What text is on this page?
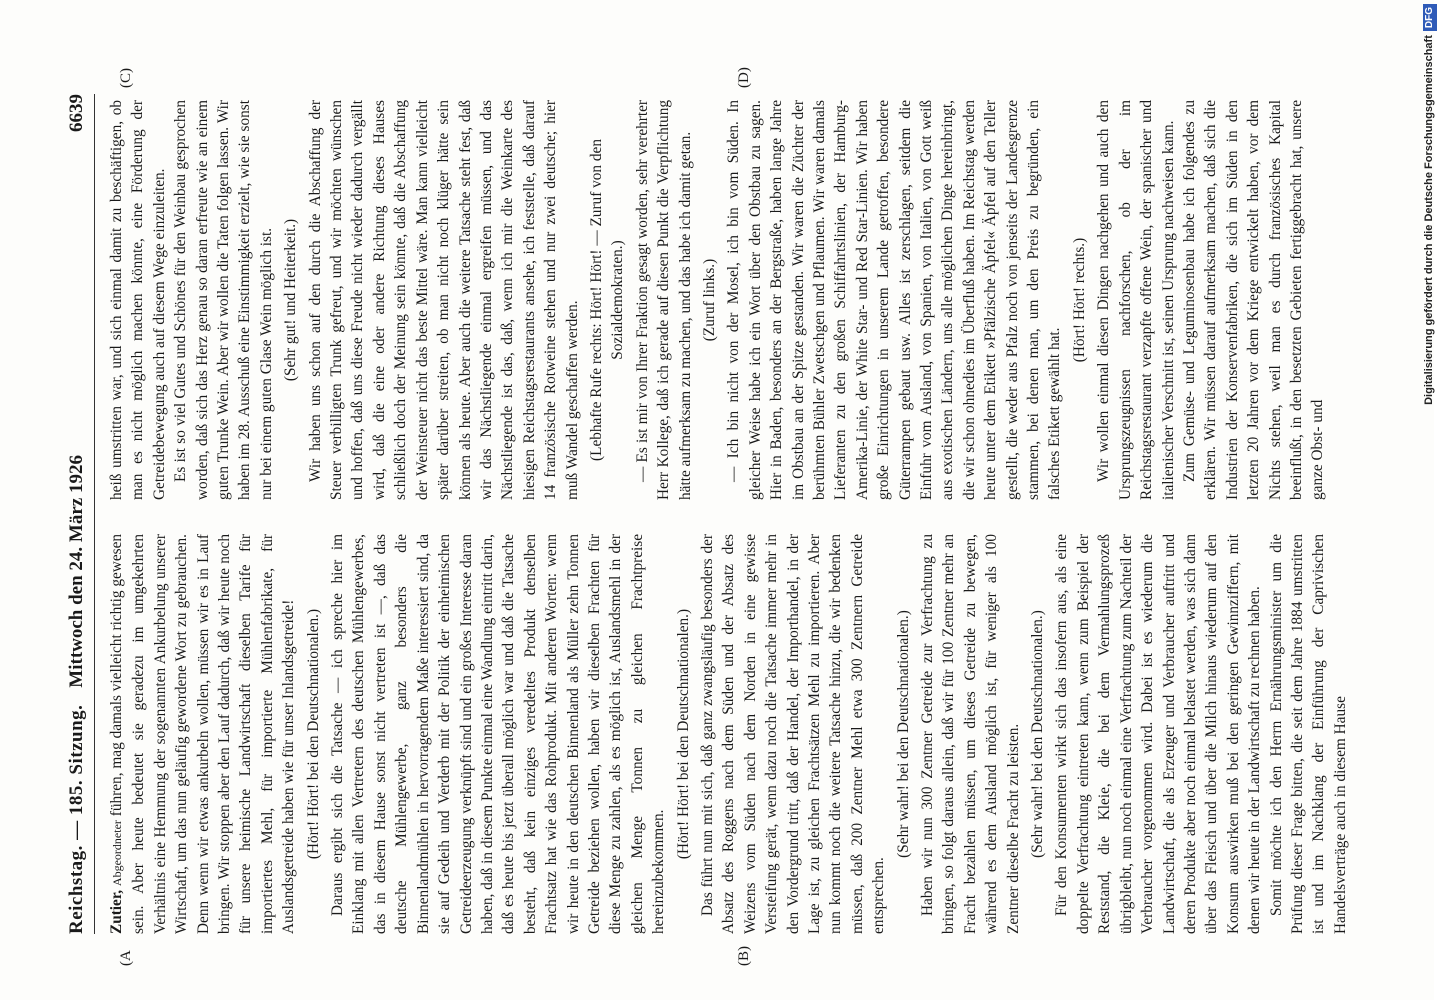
Reichstag. — 185. Sitzung.
Mittwoch den 24. März 1926                                                                    6639
(A	(B)
(C)	(D)

Zutier, Abgeordneter führen, mag damals vielleicht richtig gewesen sein. Aber heute bedeutet sie geradezu im umgekehrten Verhältnis eine Hemmung der sogenannten Ankurbelung unserer Wirtschaft, um das nun geläufig gewordene Wort zu gebrauchen. Denn wenn wir etwas ankurbeln wollen, müssen wir es in Lauf bringen. Wir stoppen aber den Lauf dadurch, daß wir heute noch für unsere heimische Landwirtschaft dieselben Tarife für importiertes Mehl, für importierte Mühlenfabrikate, für Auslandsgetreide haben wie für unser Inlandsgetreide! (Hört! Hört! bei den Deutschnationalen.) Daraus ergibt sich die Tatsache — ich spreche hier im Einklang mit allen Vertretern des deutschen Mühlengewerbes, das in diesem Hause sonst nicht vertreten ist —, daß das deutsche Mühlengewerbe, ganz besonders die Binnenlandmühlen in hervorragendem Maße interessiert sind, da sie auf Gedeih und Verderb mit der Politik der einheimischen Getreideerzeugung verknüpft sind und ein großes Interesse daran haben, daß in diesem Punkte einmal eine Wandlung eintritt darin, daß es heute bis jetzt überall möglich war und daß die Tatsache besteht, daß kein einziges veredeltes Produkt denselben Frachtsatz hat wie das Rohprodukt. Mit anderen Worten: wenn wir heute in den deutschen Binnenland als Müller zehn Tonnen Getreide beziehen wollen, haben wir dieselben Frachten für diese Menge zu zahlen, als es möglich ist, Auslandsmehl in der gleichen Menge Tonnen zu gleichen Frachtpreise hereinzubekommen.

(Hört! Hört! bei den Deutschnationalen.) Das führt nun mit sich, daß ganz zwangsläufig besonders der Absatz des Roggens nach dem Süden und der Absatz des Weizens vom Süden nach dem Norden in eine gewisse Versteifung gerät, wenn dazu noch die Tatsache immer mehr in den Vordergrund tritt, daß der Handel, der Importhandel, in der Lage ist, zu gleichen Frachtsätzen Mehl zu importieren. Aber nun kommt noch die weitere Tatsache hinzu, die wir bedenken müssen, daß 200 Zentner Mehl etwa 300 Zentnern Getreide entsprechen.

(Sehr wahr! bei den Deutschnationalen.) Haben wir nun 300 Zentner Getreide zur Verfrachtung zu bringen, so folgt daraus allein, daß wir für 100 Zentner mehr an Fracht bezahlen müssen, um dieses Getreide zu bewegen, während es dem Ausland möglich ist, für weniger als 100 Zentner dieselbe Fracht zu leisten. (Sehr wahr! bei den Deutschnationalen.) Für den Konsumenten wirkt sich das insofern aus, als eine doppelte Verfrachtung eintreten kann, wenn zum Beispiel der Reststand, die Kleie, die bei dem Vermahlungsprozeß übrigbleibt, nun noch einmal eine Verfrachtung zum Nachteil der Verbraucher vorgenommen wird. Dabei ist es wiederum die Landwirtschaft, die als Erzeuger und Verbraucher auftritt und deren Produkte aber noch einmal belastet werden, was sich dann über das Fleisch und über die Milch hinaus wiederum auf den Konsum auswirken muß bei den geringen Gewinnziffern, mit denen wir heute in der Landwirtschaft zu rechnen haben. Somit möchte ich den Herrn Ernährungsminister um die Prüfung dieser Frage bitten, die seit dem Jahre 1884 umstritten ist und im Nachklang der Einführung der Caprivischen Handelsverträge auch in diesem Hause

heiß umstritten war, und sich einmal damit zu beschäftigen, ob man es nicht möglich machen könnte, eine Förderung der Getreidebewegung auch auf diesem Wege einzuleiten. Es ist so viel Gutes und Schönes für den Weinbau gesprochen worden, daß sich das Herz genau so daran erfreute wie an einem guten Trunke Wein. Aber wir wollen die Taten folgen lassen. Wir haben im 28. Ausschuß eine Einstimmigkeit erzielt, wie sie sonst nur bei einem guten Glase Wein möglich ist. (Sehr gut! und Heiterkeit.) Wir haben uns schon auf den durch die Abschaffung der Steuer verbilligten Trunk gefreut, und wir möchten wünschen und hoffen, daß uns diese Freude nicht wieder dadurch vergällt wird, daß die eine oder andere Richtung dieses Hauses schließlich doch der Meinung sein könnte, daß die Abschaffung der Weinsteuer nicht das beste Mittel wäre. Man kann vielleicht später darüber streiten, ob man nicht noch klüger hätte sein können als heute. Aber auch die weitere Tatsache steht fest, daß wir das Nächstliegende einmal ergreifen müssen, und das Nächstliegende ist das, daß, wenn ich mir die Weinkarte des hiesigen Reichstagsrestaurants ansehe, ich feststelle, daß darauf 14 französische Rotweine stehen und nur zwei deutsche; hier muß Wandel geschaffen werden. (Lebhafte Rufe rechts: Hört! Hört! — Zuruf von den Sozialdemokraten.) — Es ist mir von Ihrer Fraktion gesagt worden, sehr verehrter Herr Kollege, daß ich gerade auf diesen Punkt die Verpflichtung hätte aufmerksam zu machen, und das habe ich damit getan. (Zuruf links.) — Ich bin nicht von der Mosel, ich bin vom Süden. In gleicher Weise habe ich ein Wort über den Obstbau zu sagen. Hier in Baden, besonders an der Bergstraße, haben lange Jahre im Obstbau an der Spitze gestanden. Wir waren die Züchter der berühmten Bühler Zwetschgen und Pflaumen. Wir waren damals Lieferanten zu den großen Schiffahrtslinien, der Hamburg-Amerika-Linie, der White Star- und Red Star-Linien. Wir haben große Einrichtungen in unserem Lande getroffen, besondere Güterrampen gebaut usw. Alles ist zerschlagen, seitdem die Einfuhr vom Ausland, von Spanien, von Italien, von Gott weiß aus exotischen Ländern, uns alle möglichen Dinge hereinbringt, die wir schon ohnedies im Überfluß haben. Im Reichstag werden heute unter dem Etikett »Pfälzische Äpfel« Äpfel auf den Teller gestellt, die weder aus Pfalz noch von jenseits der Landesgrenze stammen, bei denen man, um den Preis zu begründen, ein falsches Etikett gewählt hat.

(Hört! Hört! rechts.) Wir wollen einmal diesen Dingen nachgehen und auch den Ursprungszeugnissen nachforschen, ob der im Reichstagsrestaurant verzapfte offene Wein, der spanischer und italienischer Verschnitt ist, seinen Ursprung nachweisen kann. Zum Gemüse- und Leguminosenbau habe ich folgendes zu erklären. Wir müssen darauf aufmerksam machen, daß sich die Industrien der Konservenfabriken, die sich im Süden in den letzten 20 Jahren vor dem Kriege entwickelt haben, vor dem Nichts stehen, weil man es durch französisches Kapital beeinflußt, in den besetzten Gebieten fertiggebracht hat, unsere ganze Obst- und

Digitalisierung gefördert durch die Deutsche ForschungsgemeinschaftDFG
